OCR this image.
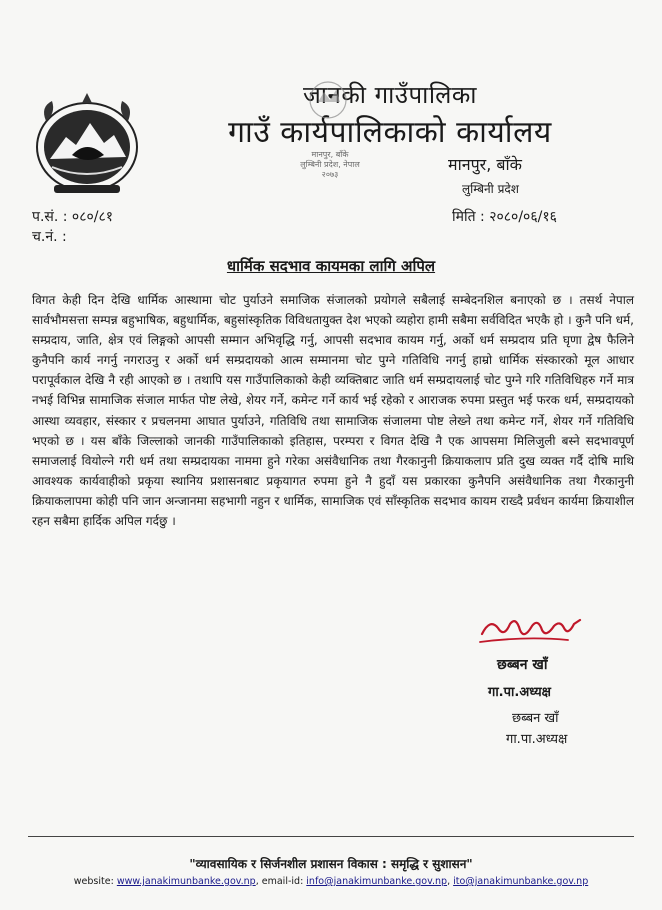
जानकी गाउँपालिका
गाउँ कार्यपालिकाको कार्यालय
मानपुर, बाँके
लुम्बिनी प्रदेश, नेपाल
२०७३
मानपुर, बाँके
लुम्बिनी प्रदेश
प.सं. : ०८०/८१
च.नं. :
मिति : २०८०/०६/१६
धार्मिक सदभाव कायमका लागि अपिल
विगत केही दिन देखि धार्मिक आस्थामा चोट पुर्याउने समाजिक संजालको प्रयोगले सबैलाई सम्बेदनशिल बनाएको छ । तसर्थ नेपाल सार्वभौमसत्ता सम्पन्न बहुभाषिक, बहुधार्मिक, बहुसांस्कृतिक विविधतायुक्त देश भएको व्यहोरा हामी सबैमा सर्वविदित भएकै हो । कुनै पनि धर्म, सम्प्रदाय, जाति, क्षेत्र एवं लिङ्गको आपसी सम्मान अभिवृद्धि गर्नु, आपसी सदभाव कायम गर्नु, अर्को धर्म सम्प्रदाय प्रति घृणा द्वेष फैलिने कुनैपनि कार्य नगर्नु नगराउनु र अर्को धर्म सम्प्रदायको आत्म सम्मानमा चोट पुग्ने गतिविधि नगर्नु हाम्रो धार्मिक संस्कारको मूल आधार परापूर्वकाल देखि नै रही आएको छ । तथापि यस गाउँपालिकाको केही व्यक्तिबाट जाति धर्म सम्प्रदायलाई चोट पुग्ने गरि गतिविधिहरु गर्ने मात्र नभई विभिन्न सामाजिक संजाल मार्फत पोष्ट लेखे, शेयर गर्ने, कमेन्ट गर्ने कार्य भई रहेको र आराजक रुपमा प्रस्तुत भई फरक धर्म, सम्प्रदायको आस्था व्यवहार, संस्कार र प्रचलनमा आघात पुर्याउने, गतिविधि तथा सामाजिक संजालमा पोष्ट लेख्ने तथा कमेन्ट गर्ने, शेयर गर्ने गतिविधि भएको छ । यस बाँके जिल्लाको जानकी गाउँपालिकाको इतिहास, परम्परा र विगत देखि नै एक आपसमा मिलिजुली बस्ने सदभावपूर्ण समाजलाई वियोल्ने गरी धर्म तथा सम्प्रदायका नाममा हुने गरेका असंवैधानिक तथा गैरकानुनी क्रियाकलाप प्रति दुख व्यक्त गर्दै दोषि माथि आवश्यक कार्यवाहीको प्रकृया स्थानिय प्रशासनबाट प्रकृयागत रुपमा हुने नै हुदाँ यस प्रकारका कुनैपनि असंवैधानिक तथा गैरकानुनी क्रियाकलापमा कोही पनि जान अन्जानमा सहभागी नहुन र धार्मिक, सामाजिक एवं साँस्कृतिक सदभाव कायम राख्दै प्रर्वधन कार्यमा क्रियाशील रहन सबैमा हार्दिक अपिल गर्दछु ।
छब्बन खाँ
गा.पा.अध्यक्ष
छब्बन खाँ
गा.पा.अध्यक्ष
"व्यावसायिक र सिर्जनशील प्रशासन विकास : समृद्धि र सुशासन"
website: www.janakimunbanke.gov.np, email-id: info@janakimunbanke.gov.np, ito@janakimunbanke.gov.np
